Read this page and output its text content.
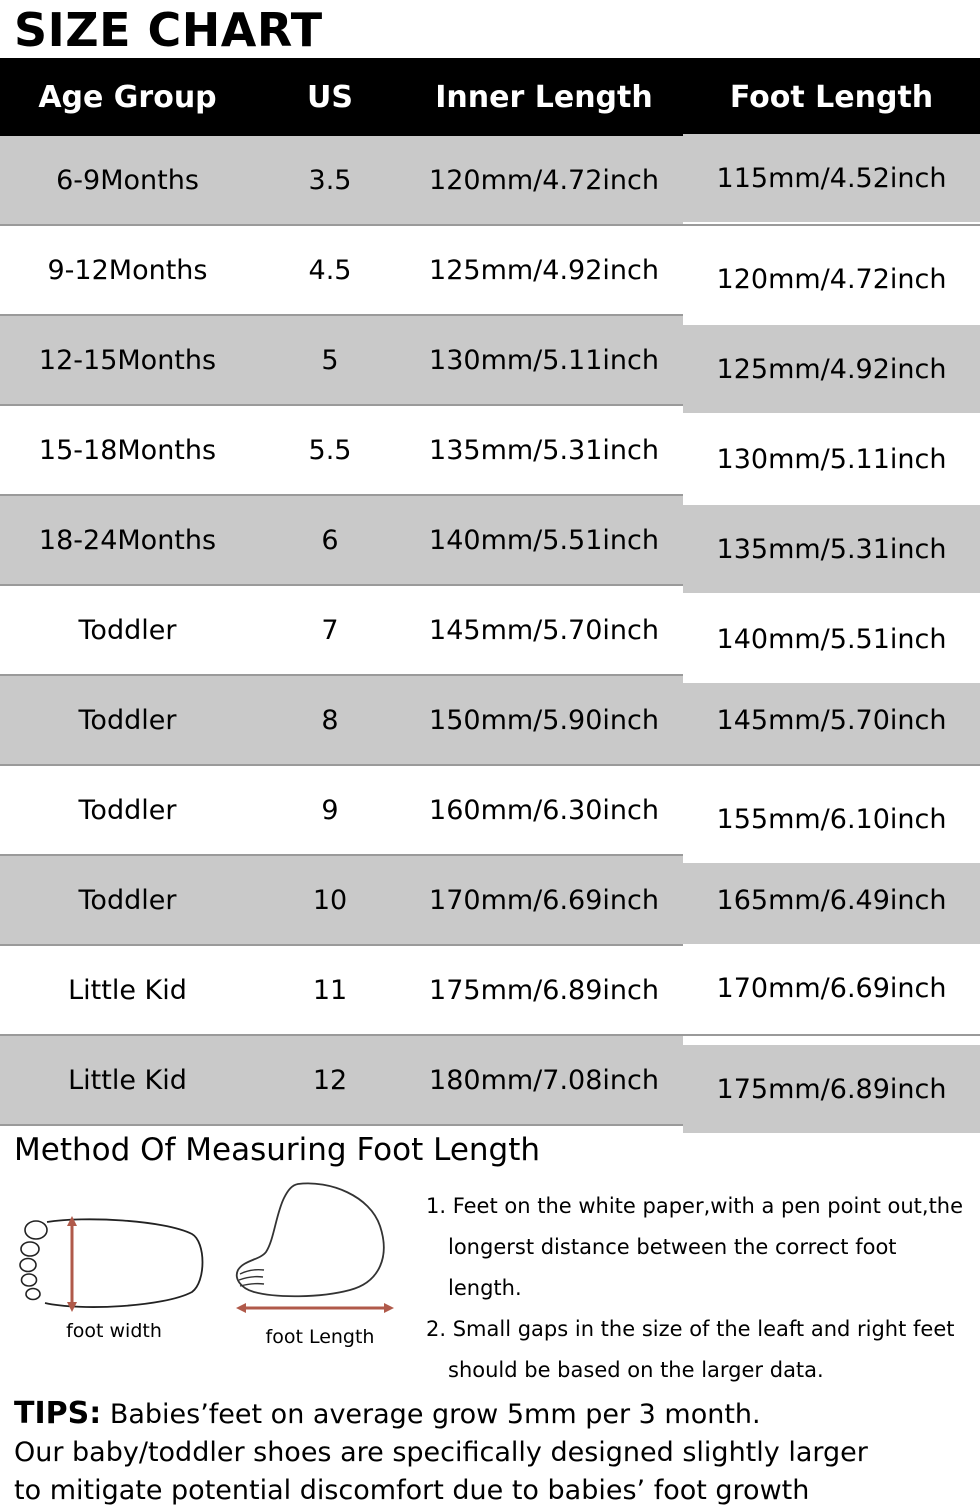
SIZE CHART
Age Group	US	Inner Length	Foot Length
6-9Months	3.5	120mm/4.72inch	115mm/4.52inch
9-12Months	4.5	125mm/4.92inch	120mm/4.72inch
12-15Months	5	130mm/5.11inch	125mm/4.92inch
15-18Months	5.5	135mm/5.31inch	130mm/5.11inch
18-24Months	6	140mm/5.51inch	135mm/5.31inch
Toddler	7	145mm/5.70inch	140mm/5.51inch
Toddler	8	150mm/5.90inch	145mm/5.70inch
Toddler	9	160mm/6.30inch	155mm/6.10inch
Toddler	10	170mm/6.69inch	165mm/6.49inch
Little Kid	11	175mm/6.89inch	170mm/6.69inch
Little Kid	12	180mm/7.08inch	175mm/6.89inch
Method Of Measuring Foot Length
foot width	foot Length

1. Feet on the white paper,with a pen point out,the

longerst distance between the correct foot length.

2. Small gaps in the size of the leaft and right feet

should be based on the larger data.

TIPS: Babies’feet on average grow 5mm per 3 month.
Our baby/toddler shoes are specifically designed slightly larger
to mitigate potential discomfort due to babies’ foot growth
